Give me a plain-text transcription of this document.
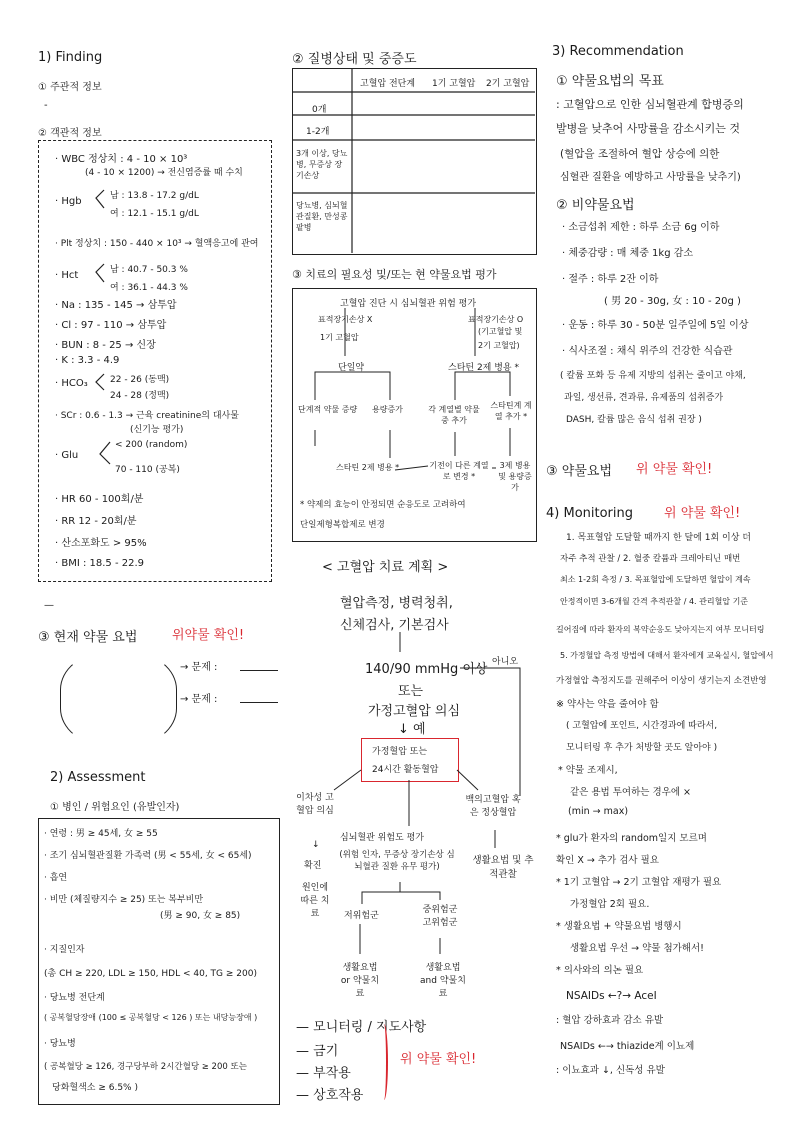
1) Finding
① 주관적 정보
-
② 객관적 정보
· WBC 정상치 : 4 - 10 × 10³
(4 - 10 × 1200) → 전신염증률 때 수치
· Hgb	남 : 13.8 - 17.2 g/dL
여 : 12.1 - 15.1 g/dL
· Plt 정상치 : 150 - 440 × 10³ → 혈액응고에 관여
· Hct	남 : 40.7 - 50.3 %
여 : 36.1 - 44.3 %
· Na : 135 - 145 → 삼투압
· Cl : 97 - 110 → 삼투압
· BUN : 8 - 25 → 신장
· K : 3.3 - 4.9
· HCO₃ 22 - 26 (동맥)
24 - 28 (정맥)
· SCr : 0.6 - 1.3 → 근육 creatinine의 대사물
(신기능 평가)
· Glu
< 200 (random)
70 - 110 (공복)
· HR 60 - 100회/분
· RR 12 - 20회/분
· 산소포화도 > 95%
· BMI : 18.5 - 22.9
—
③ 현재 약물 요법	위약물 확인!
→ 문제 :
→ 문제 :
2) Assessment
① 병인 / 위험요인 (유발인자)
· 연령 : 男 ≥ 45세, 女 ≥ 55
· 조기 심뇌혈관질환 가족력 (男 < 55세, 女 < 65세)
· 흡연
· 비만 (체질량지수 ≥ 25) 또는 복부비만
(男 ≥ 90, 女 ≥ 85)
· 지질인자
(총 CH ≥ 220, LDL ≥ 150, HDL < 40, TG ≥ 200)
· 당뇨병 전단계
( 공복혈당장애 (100 ≤ 공복혈당 < 126 ) 또는 내당능장애 )
· 당뇨병
( 공복혈당 ≥ 126, 경구당부하 2시간혈당 ≥ 200 또는
당화혈색소 ≥ 6.5% )
② 질병상태 및 중증도
고혈압 전단계 1기 고혈압 2기 고혈압
0개
1-2개
3개 이상, 당뇨병, 무증상 장기손상
당뇨병, 심뇌혈관질환, 만성콩팥병
③ 치료의 필요성 및/또는 현 약물요법 평가
고혈압 진단 시 심뇌혈관 위험 평가
표적장기손상 X
1기 고혈압
표적장기손상 O
(기고혈압 및
2기 고혈압)
단일약	스타틴 2제 병용 *
단계적 약물 증량 용량증가	각 계열별 약물 중 추가
스타틴계 계열 추가 *
스타틴 2제 병용 *	기전이 다른 계열로 변경 *
3제 병용 및 용량증가
* 약제의 효능이 안정되면 순응도로 고려하여
단일제형복합제로 변경
< 고혈압 치료 계획 >
혈압측정, 병력청취,
신체검사, 기본검사
140/90 mmHg 이상
또는
가정고혈압 의심
↓ 예
가정혈압 또는
24시간 활동혈압
아니오
이차성 고혈압 의심
↓
확진
원인에 따른 치료
심뇌혈관 위험도 평가
(위험 인자, 무증상 장기손상 심뇌혈관 질환 유무 평가)
백의고혈압 혹은 정상혈압
생활요법 및 추적관찰
저위험군
중위험군 고위험군
생활요법 or 약물치료
생활요법 and 약물치료
— 모니터링 / 지도사항
— 금기
— 부작용
— 상호작용
위 약물 확인!
3) Recommendation
① 약물요법의 목표
: 고혈압으로 인한 심뇌혈관계 합병증의
발병을 낮추어 사망률을 감소시키는 것
(혈압을 조절하여 혈압 상승에 의한
심혈관 질환을 예방하고 사망률을 낮추기)
② 비약물요법
· 소금섭취 제한 : 하루 소금 6g 이하
· 체중감량 : 매 체중 1kg 감소
· 절주 : 하루 2잔 이하
( 男 20 - 30g, 女 : 10 - 20g )
· 운동 : 하루 30 - 50분 일주일에 5일 이상
· 식사조절 : 채식 위주의 건강한 식습관
( 칼륨 포화 등 유제 지방의 섭취는 줄이고 야채,
과일, 생선류, 견과류, 유제품의 섭취증가
DASH, 칼륨 많은 음식 섭취 권장 )
③ 약물요법 위 약물 확인!
4) Monitoring 위 약물 확인!
1. 목표혈압 도달할 때까지 한 달에 1회 이상 더
자주 추적 관찰 / 2. 혈중 칼륨과 크레아티닌 매번
최소 1-2회 측정 / 3. 목표혈압에 도달하면 혈압이 계속
안정적이면 3-6개월 간격 추적관찰 / 4. 관리혈압 기준
길어짐에 따라 환자의 복약순응도 낮아지는지 여부 모니터링
5. 가정혈압 측정 방법에 대해서 환자에게 교육실시, 혈압에서
가정혈압 측정지도를 권해주어 이상이 생기는지 소견반영
※ 약사는 약을 줄여야 함
( 고혈압에 포인트, 시간경과에 따라서,
모니터링 후 추가 처방할 곳도 알아야 )
* 약물 조제시,
같은 용법 투여하는 경우에 ×
(min → max)
* glu가 환자의 random일지 모르며
확인 X → 추가 검사 필요
* 1기 고혈압 → 2기 고혈압 재평가 필요
가정혈압 2회 필요.
* 생활요법 + 약물요법 병행시
생활요법 우선 → 약물 첨가해서!
* 의사와의 의논 필요
NSAIDs ←?→ AceI
: 혈압 강하효과 감소 유발
NSAIDs ←→ thiazide계 이뇨제
: 이뇨효과 ↓, 신독성 유발
